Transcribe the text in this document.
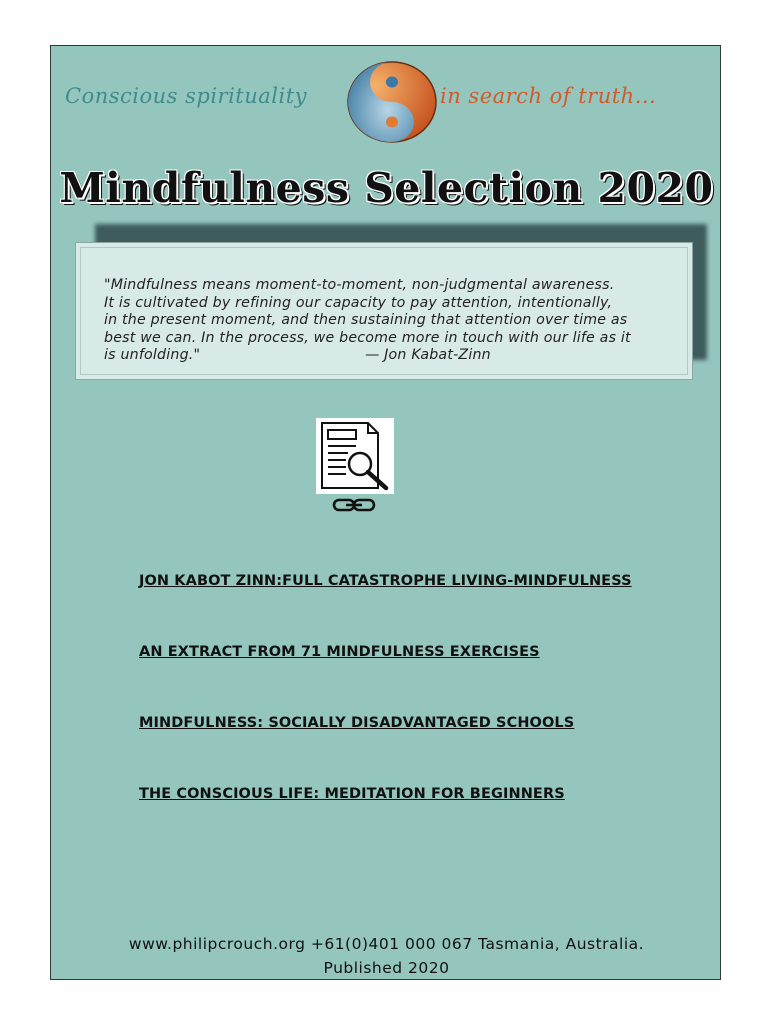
Conscious spirituality	in search of truth...
Mindfulness Selection 2020
"Mindfulness means moment-to-moment, non-judgmental awareness.
It is cultivated by refining our capacity to pay attention, intentionally,
in the present moment, and then sustaining that attention over time as
best we can. In the process, we become more in touch with our life as it
is unfolding."                                   — Jon Kabat-Zinn
JON KABOT ZINN:FULL CATASTROPHE LIVING-MINDFULNESS
AN EXTRACT FROM 71 MINDFULNESS EXERCISES
MINDFULNESS: SOCIALLY DISADVANTAGED SCHOOLS
THE CONSCIOUS LIFE: MEDITATION FOR BEGINNERS
www.philipcrouch.org +61(0)401 000 067 Tasmania, Australia.
Published 2020
